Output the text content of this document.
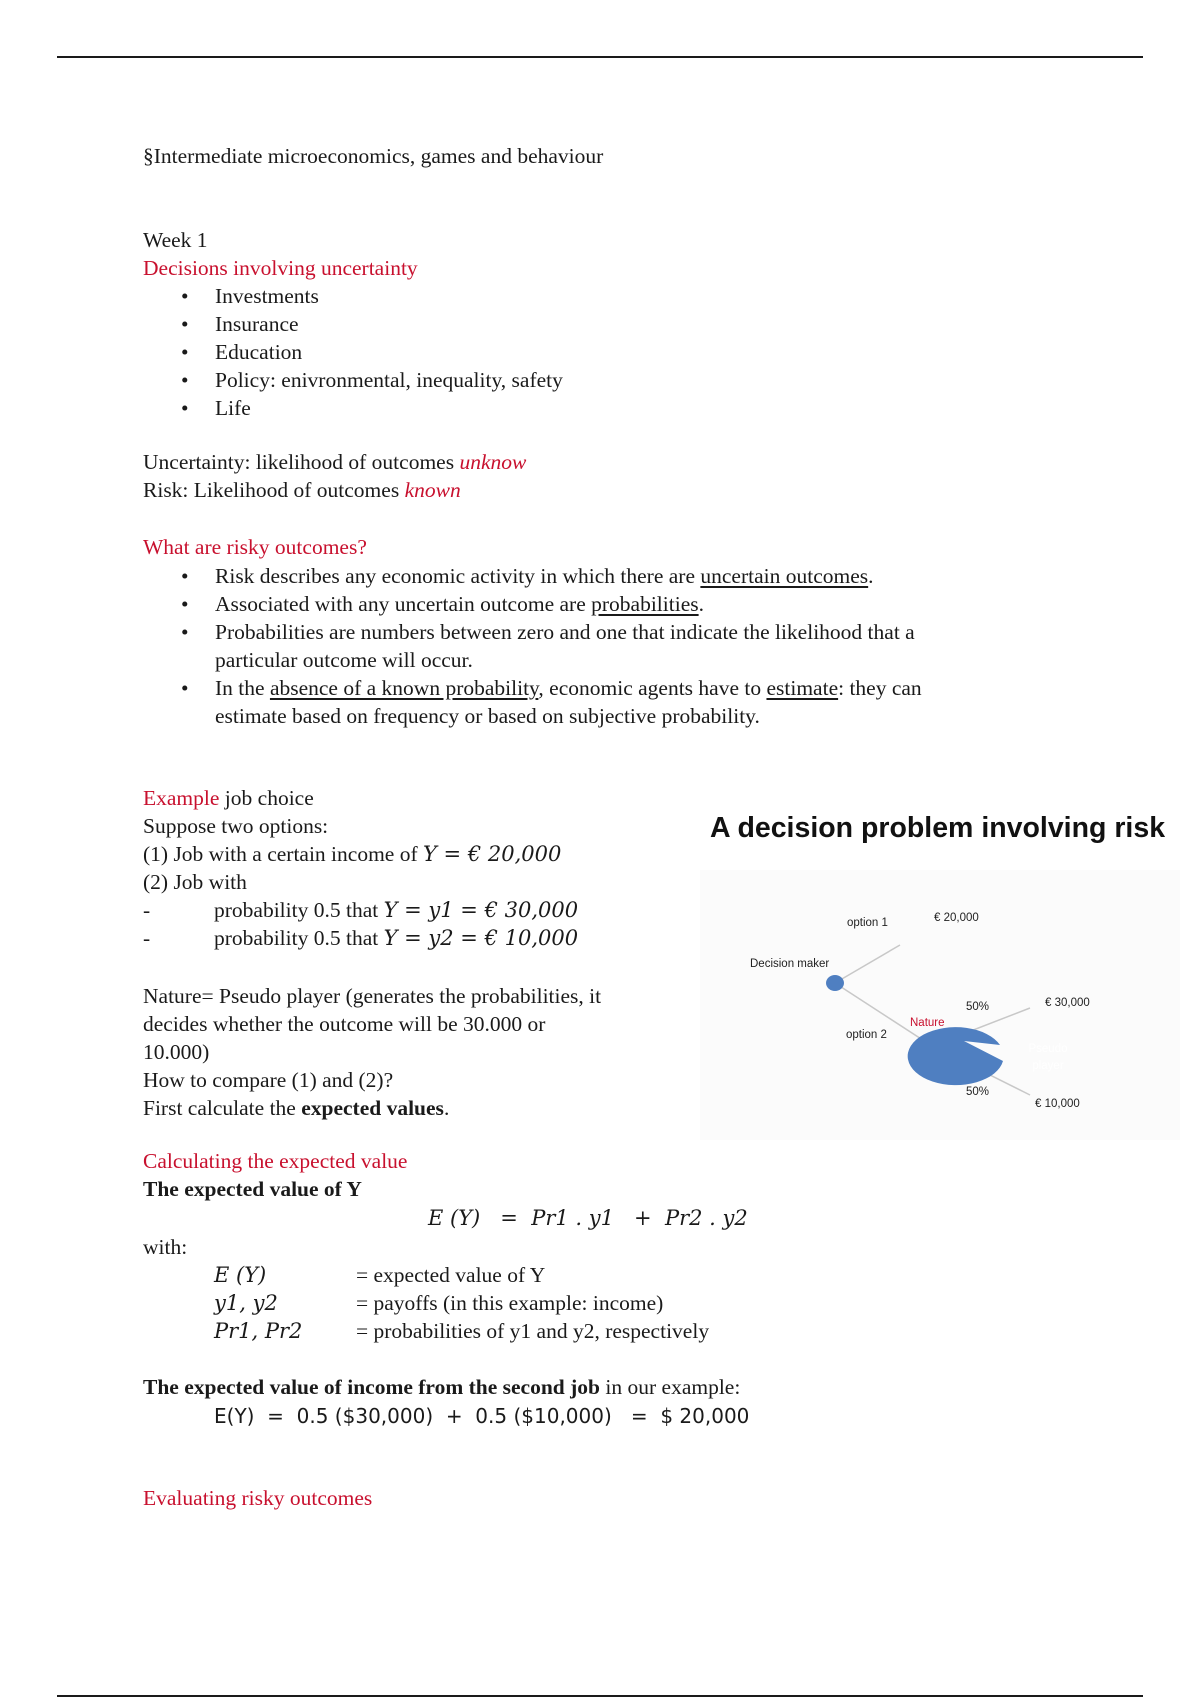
§Intermediate microeconomics, games and behaviour
Week 1
Decisions involving uncertainty
• Investments
• Insurance
• Education
• Policy: enivronmental, inequality, safety
• Life
Uncertainty: likelihood of outcomes unknow
Risk: Likelihood of outcomes known
What are risky outcomes?
• Risk describes any economic activity in which there are uncertain outcomes.
• Associated with any uncertain outcome are probabilities.
• Probabilities are numbers between zero and one that indicate the likelihood that a
particular outcome will occur.
• In the absence of a known probability, economic agents have to estimate: they can
estimate based on frequency or based on subjective probability.
Example job choice
Suppose two options:
(1) Job with a certain income of Y = € 20,000
(2) Job with
-	probability 0.5 that Y = y1 = € 30,000
-	probability 0.5 that Y = y2 = € 10,000
Nature= Pseudo player (generates the probabilities, it
decides whether the outcome will be 30.000 or
10.000)
How to compare (1) and (2)?
First calculate the expected values.
A decision problem involving risk
Decision maker
option 1
option 2
€ 20,000
50%
50%
€ 30,000
€ 10,000
Nature
Pseudo
player
Calculating the expected value
The expected value of Y
E (Y)   =  Pr1 . y1   +  Pr2 . y2
with:
E (Y)	= expected value of Y
y1, y2	= payoffs (in this example: income)
Pr1, Pr2 = probabilities of y1 and y2, respectively
The expected value of income from the second job in our example:
E(Y)  =  0.5 ($30,000)  +  0.5 ($10,000)   =  $ 20,000
Evaluating risky outcomes
